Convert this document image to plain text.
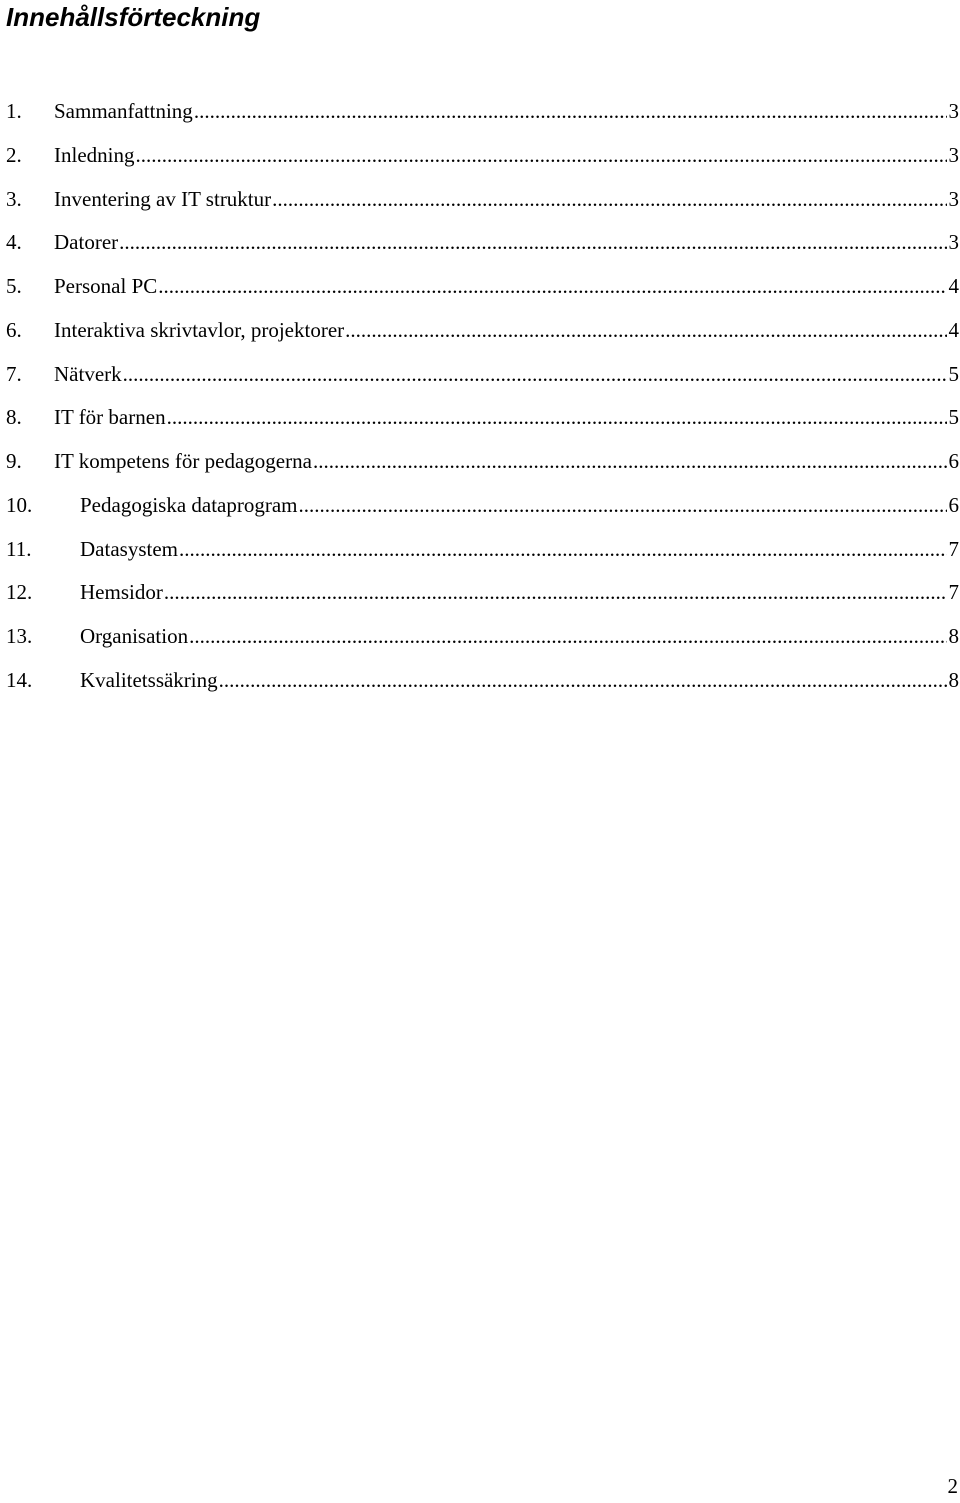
Innehållsförteckning
1.	Sammanfattning .....	3
2.	Inledning .....	3
3.	Inventering av IT struktur .....	3
4.	Datorer .....	3
5.	Personal PC .....	4
6.	Interaktiva skrivtavlor, projektorer .....	4
7.	Nätverk .....	5
8.	IT för barnen .....	5
9.	IT kompetens för pedagogerna .....	6
10.	Pedagogiska dataprogram .....	6
11.	Datasystem .....	7
12.	Hemsidor .....	7
13.	Organisation .....	8
14.	Kvalitetssäkring .....	8
2
